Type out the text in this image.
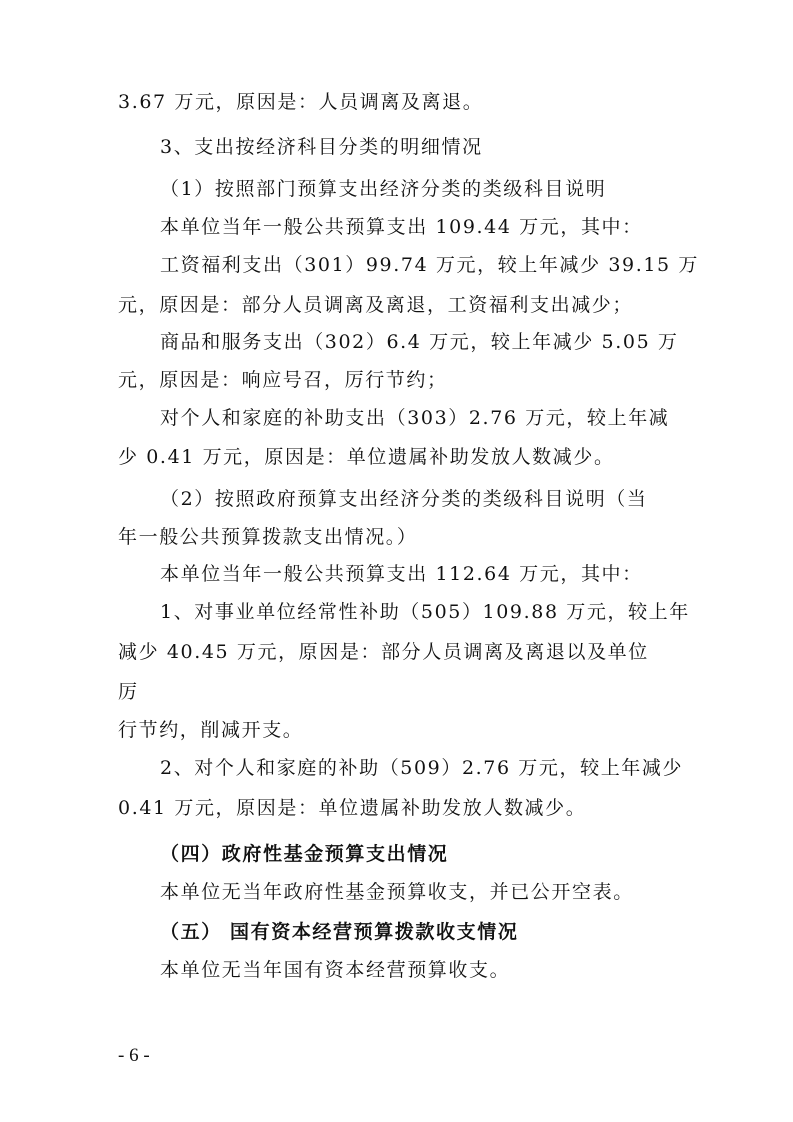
3.67 万元，原因是：人员调离及离退。
3、支出按经济科目分类的明细情况
（1）按照部门预算支出经济分类的类级科目说明
本单位当年一般公共预算支出 109.44 万元，其中：
工资福利支出（301）99.74 万元，较上年减少 39.15 万
元，原因是：部分人员调离及离退，工资福利支出减少；
商品和服务支出（302）6.4 万元，较上年减少 5.05 万
元，原因是：响应号召，厉行节约；
对个人和家庭的补助支出（303）2.76 万元，较上年减
少 0.41 万元，原因是：单位遗属补助发放人数减少。
（2）按照政府预算支出经济分类的类级科目说明（当
年一般公共预算拨款支出情况。）
本单位当年一般公共预算支出 112.64 万元，其中：
1、对事业单位经常性补助（505）109.88 万元，较上年
减少 40.45 万元，原因是：部分人员调离及离退以及单位
厉
行节约，削减开支。
2、对个人和家庭的补助（509）2.76 万元，较上年减少
0.41 万元，原因是：单位遗属补助发放人数减少。
（四）政府性基金预算支出情况
本单位无当年政府性基金预算收支，并已公开空表。
（五） 国有资本经营预算拨款收支情况
本单位无当年国有资本经营预算收支。
- 6 -
